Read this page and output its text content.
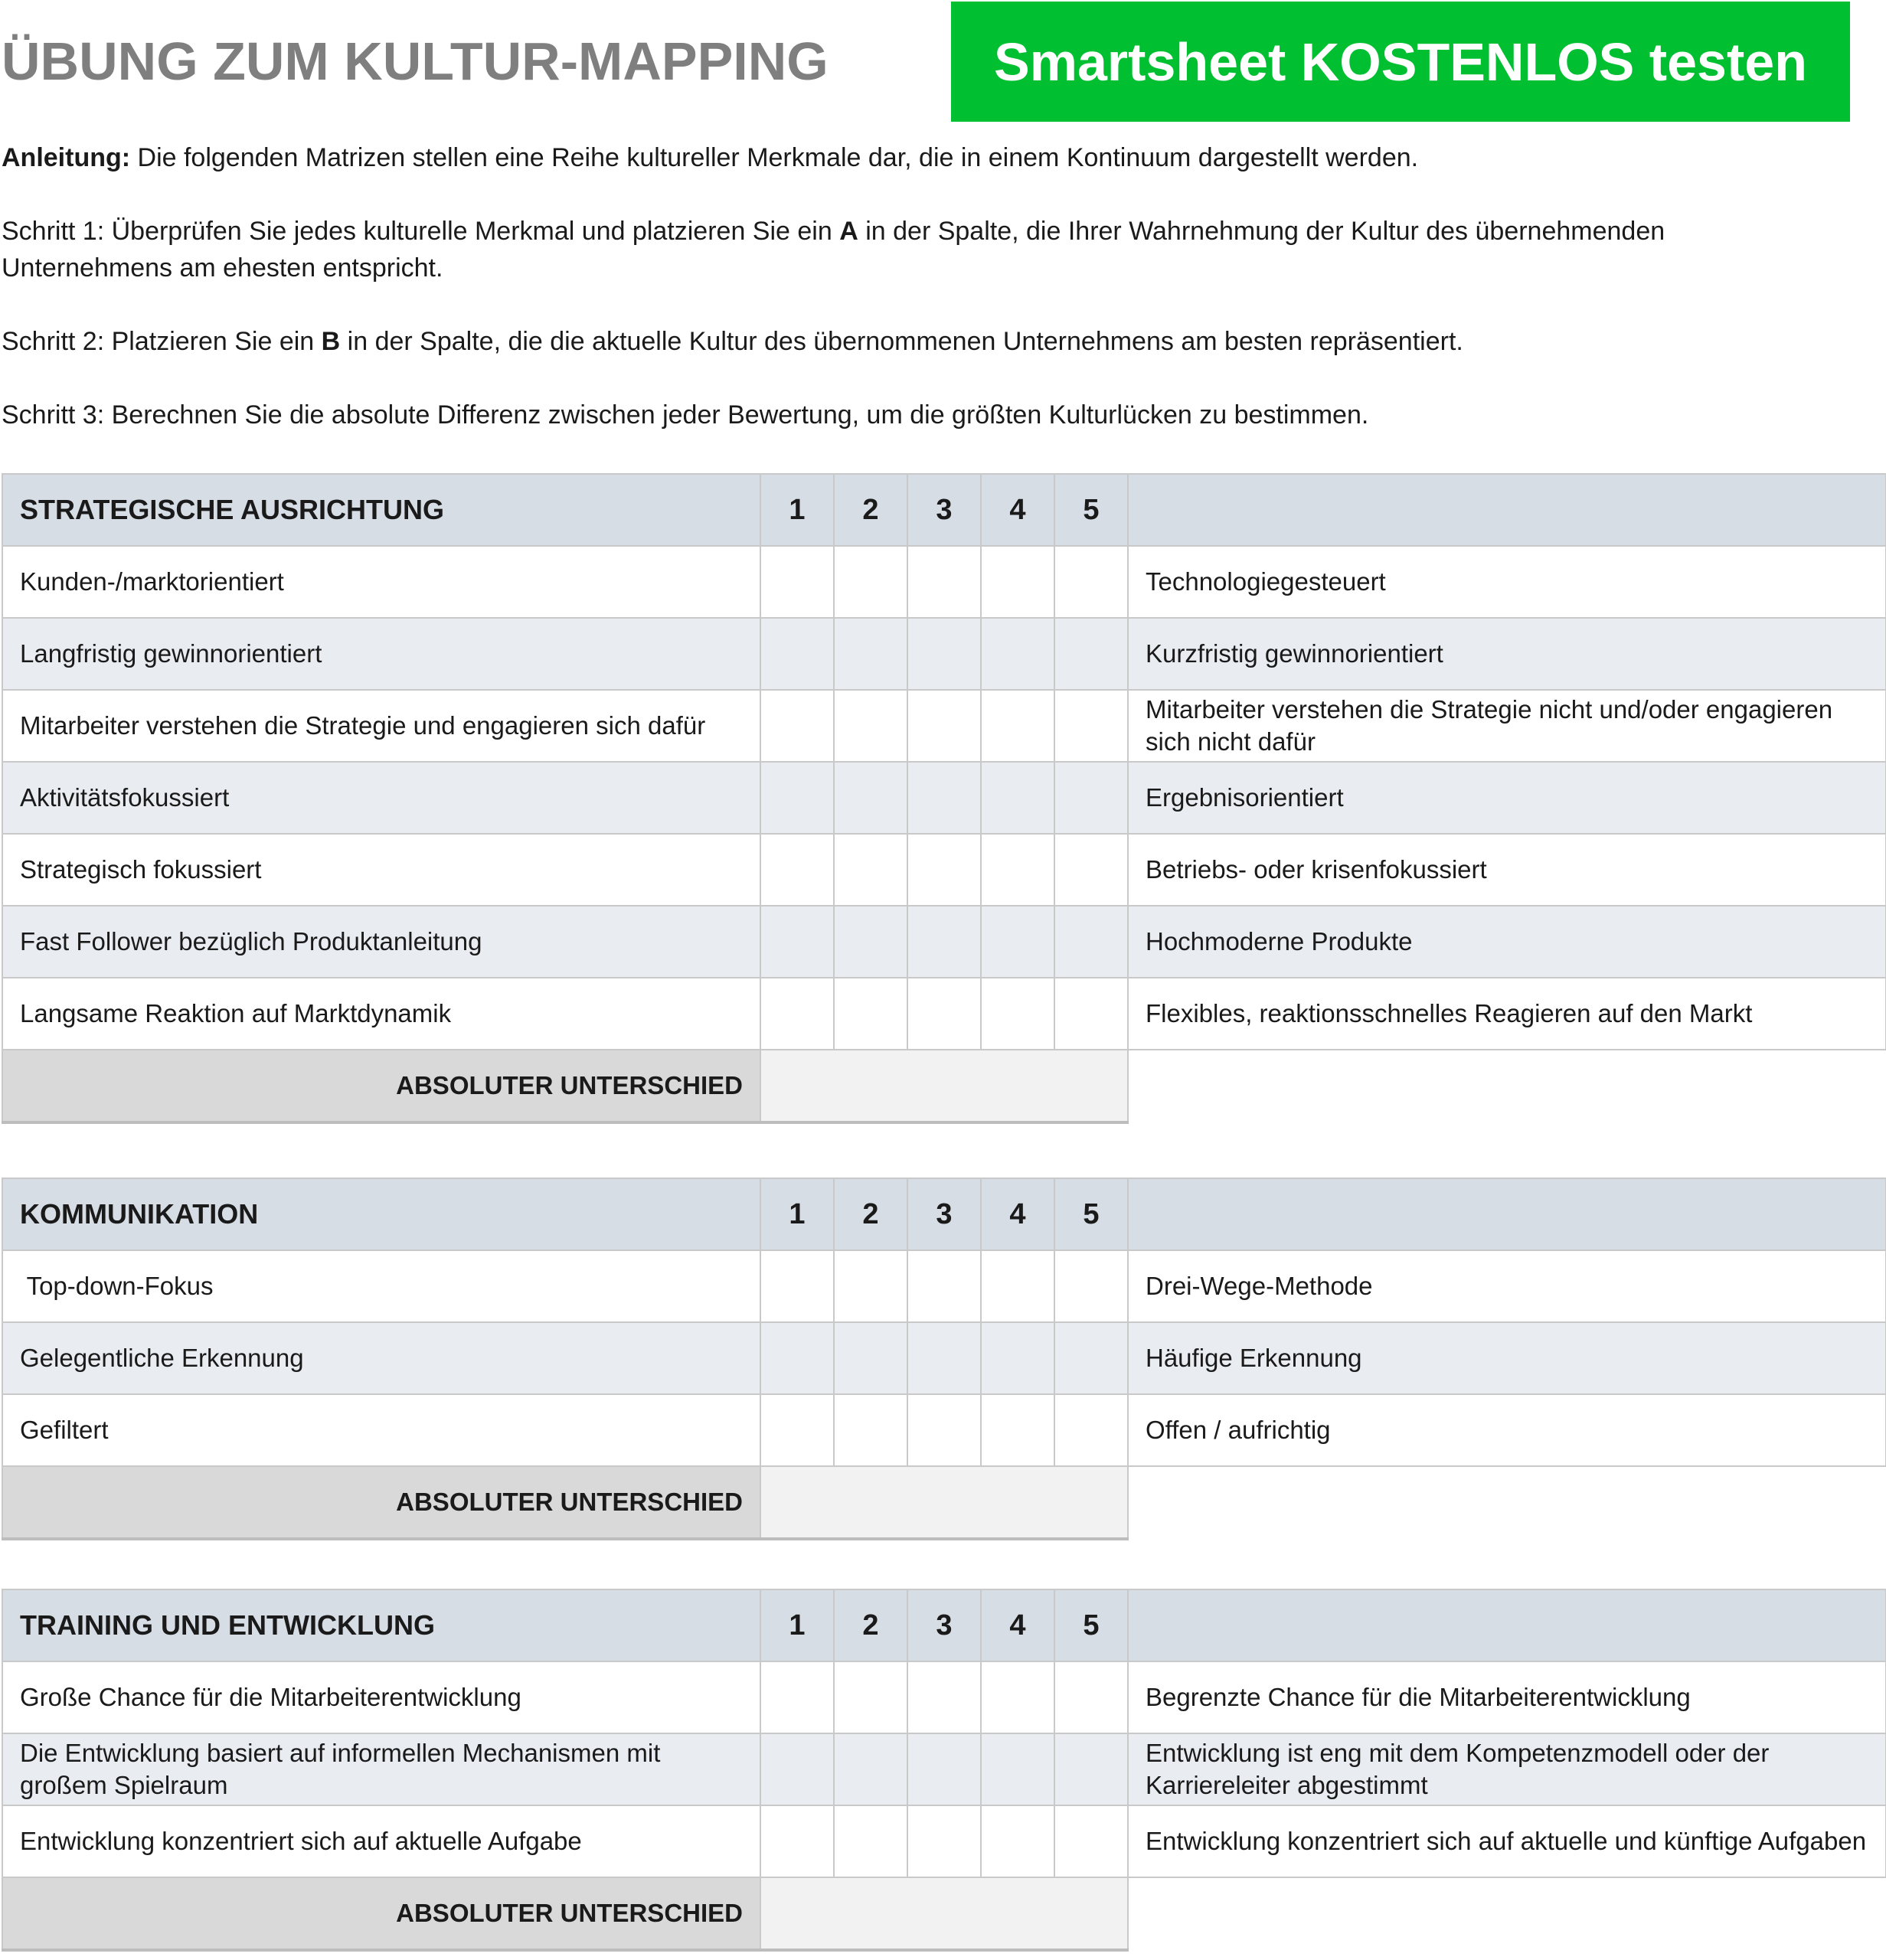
ÜBUNG ZUM KULTUR-MAPPING	Smartsheet KOSTENLOS testen
Anleitung: Die folgenden Matrizen stellen eine Reihe kultureller Merkmale dar, die in einem Kontinuum dargestellt werden.
Schritt 1: Überprüfen Sie jedes kulturelle Merkmal und platzieren Sie ein A in der Spalte, die Ihrer Wahrnehmung der Kultur des übernehmenden Unternehmens am ehesten entspricht.
Schritt 2: Platzieren Sie ein B in der Spalte, die die aktuelle Kultur des übernommenen Unternehmens am besten repräsentiert.
Schritt 3: Berechnen Sie die absolute Differenz zwischen jeder Bewertung, um die größten Kulturlücken zu bestimmen.
STRATEGISCHE AUSRICHTUNG	1	2	3	4	5	
Kunden-/marktorientiert						Technologiegesteuert
Langfristig gewinnorientiert						Kurzfristig gewinnorientiert
Mitarbeiter verstehen die Strategie und engagieren sich dafür						Mitarbeiter verstehen die Strategie nicht und/oder engagieren sich nicht dafür
Aktivitätsfokussiert						Ergebnisorientiert
Strategisch fokussiert						Betriebs- oder krisenfokussiert
Fast Follower bezüglich Produktanleitung						Hochmoderne Produkte
Langsame Reaktion auf Marktdynamik						Flexibles, reaktionsschnelles Reagieren auf den Markt
ABSOLUTER UNTERSCHIED						
KOMMUNIKATION	1	2	3	4	5	
Top-down-Fokus						Drei-Wege-Methode
Gelegentliche Erkennung						Häufige Erkennung
Gefiltert						Offen / aufrichtig
ABSOLUTER UNTERSCHIED						
TRAINING UND ENTWICKLUNG	1	2	3	4	5	
Große Chance für die Mitarbeiterentwicklung						Begrenzte Chance für die Mitarbeiterentwicklung
Die Entwicklung basiert auf informellen Mechanismen mit großem Spielraum						Entwicklung ist eng mit dem Kompetenzmodell oder der Karriereleiter abgestimmt
Entwicklung konzentriert sich auf aktuelle Aufgabe						Entwicklung konzentriert sich auf aktuelle und künftige Aufgaben
ABSOLUTER UNTERSCHIED						
